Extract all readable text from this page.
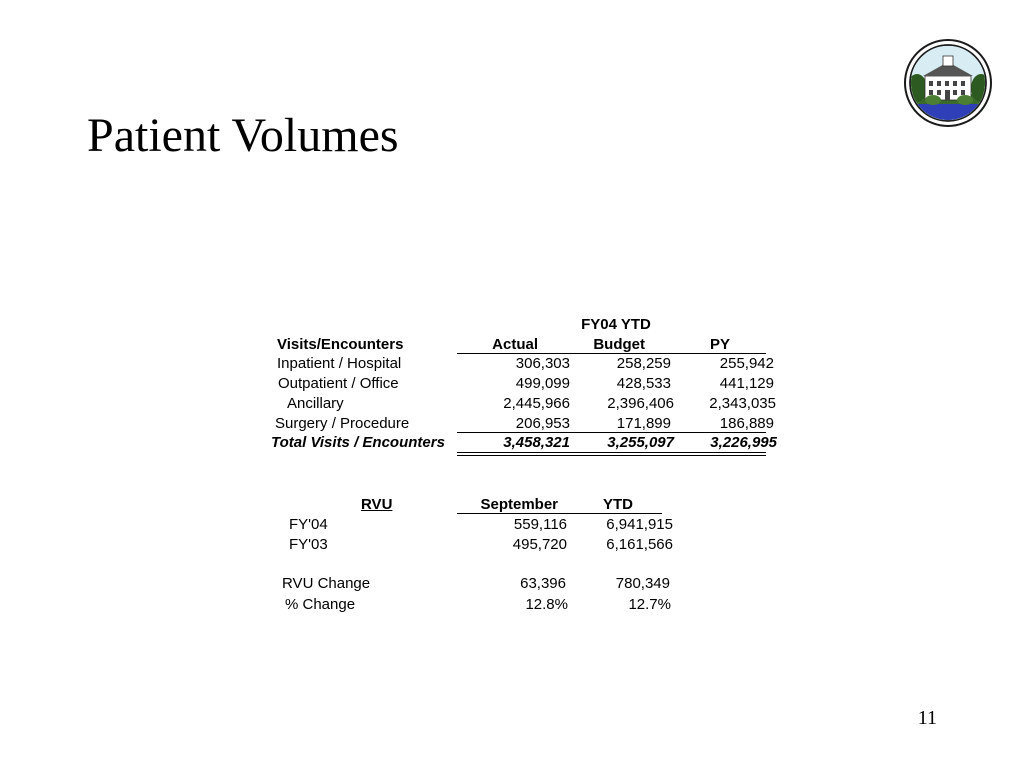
Patient Volumes
FY04 YTD
Visits/Encounters	Actual	Budget	PY
Inpatient / Hospital	306,303	258,259	255,942
Outpatient / Office	499,099	428,533	441,129
Ancillary	2,445,966	2,396,406	2,343,035
Surgery / Procedure	206,953	171,899	186,889
Total Visits / Encounters	3,458,321	3,255,097	3,226,995
RVU	September	YTD
FY'04	559,116	6,941,915
FY'03	495,720	6,161,566
RVU Change	63,396	780,349
% Change	12.8%	12.7%
11
